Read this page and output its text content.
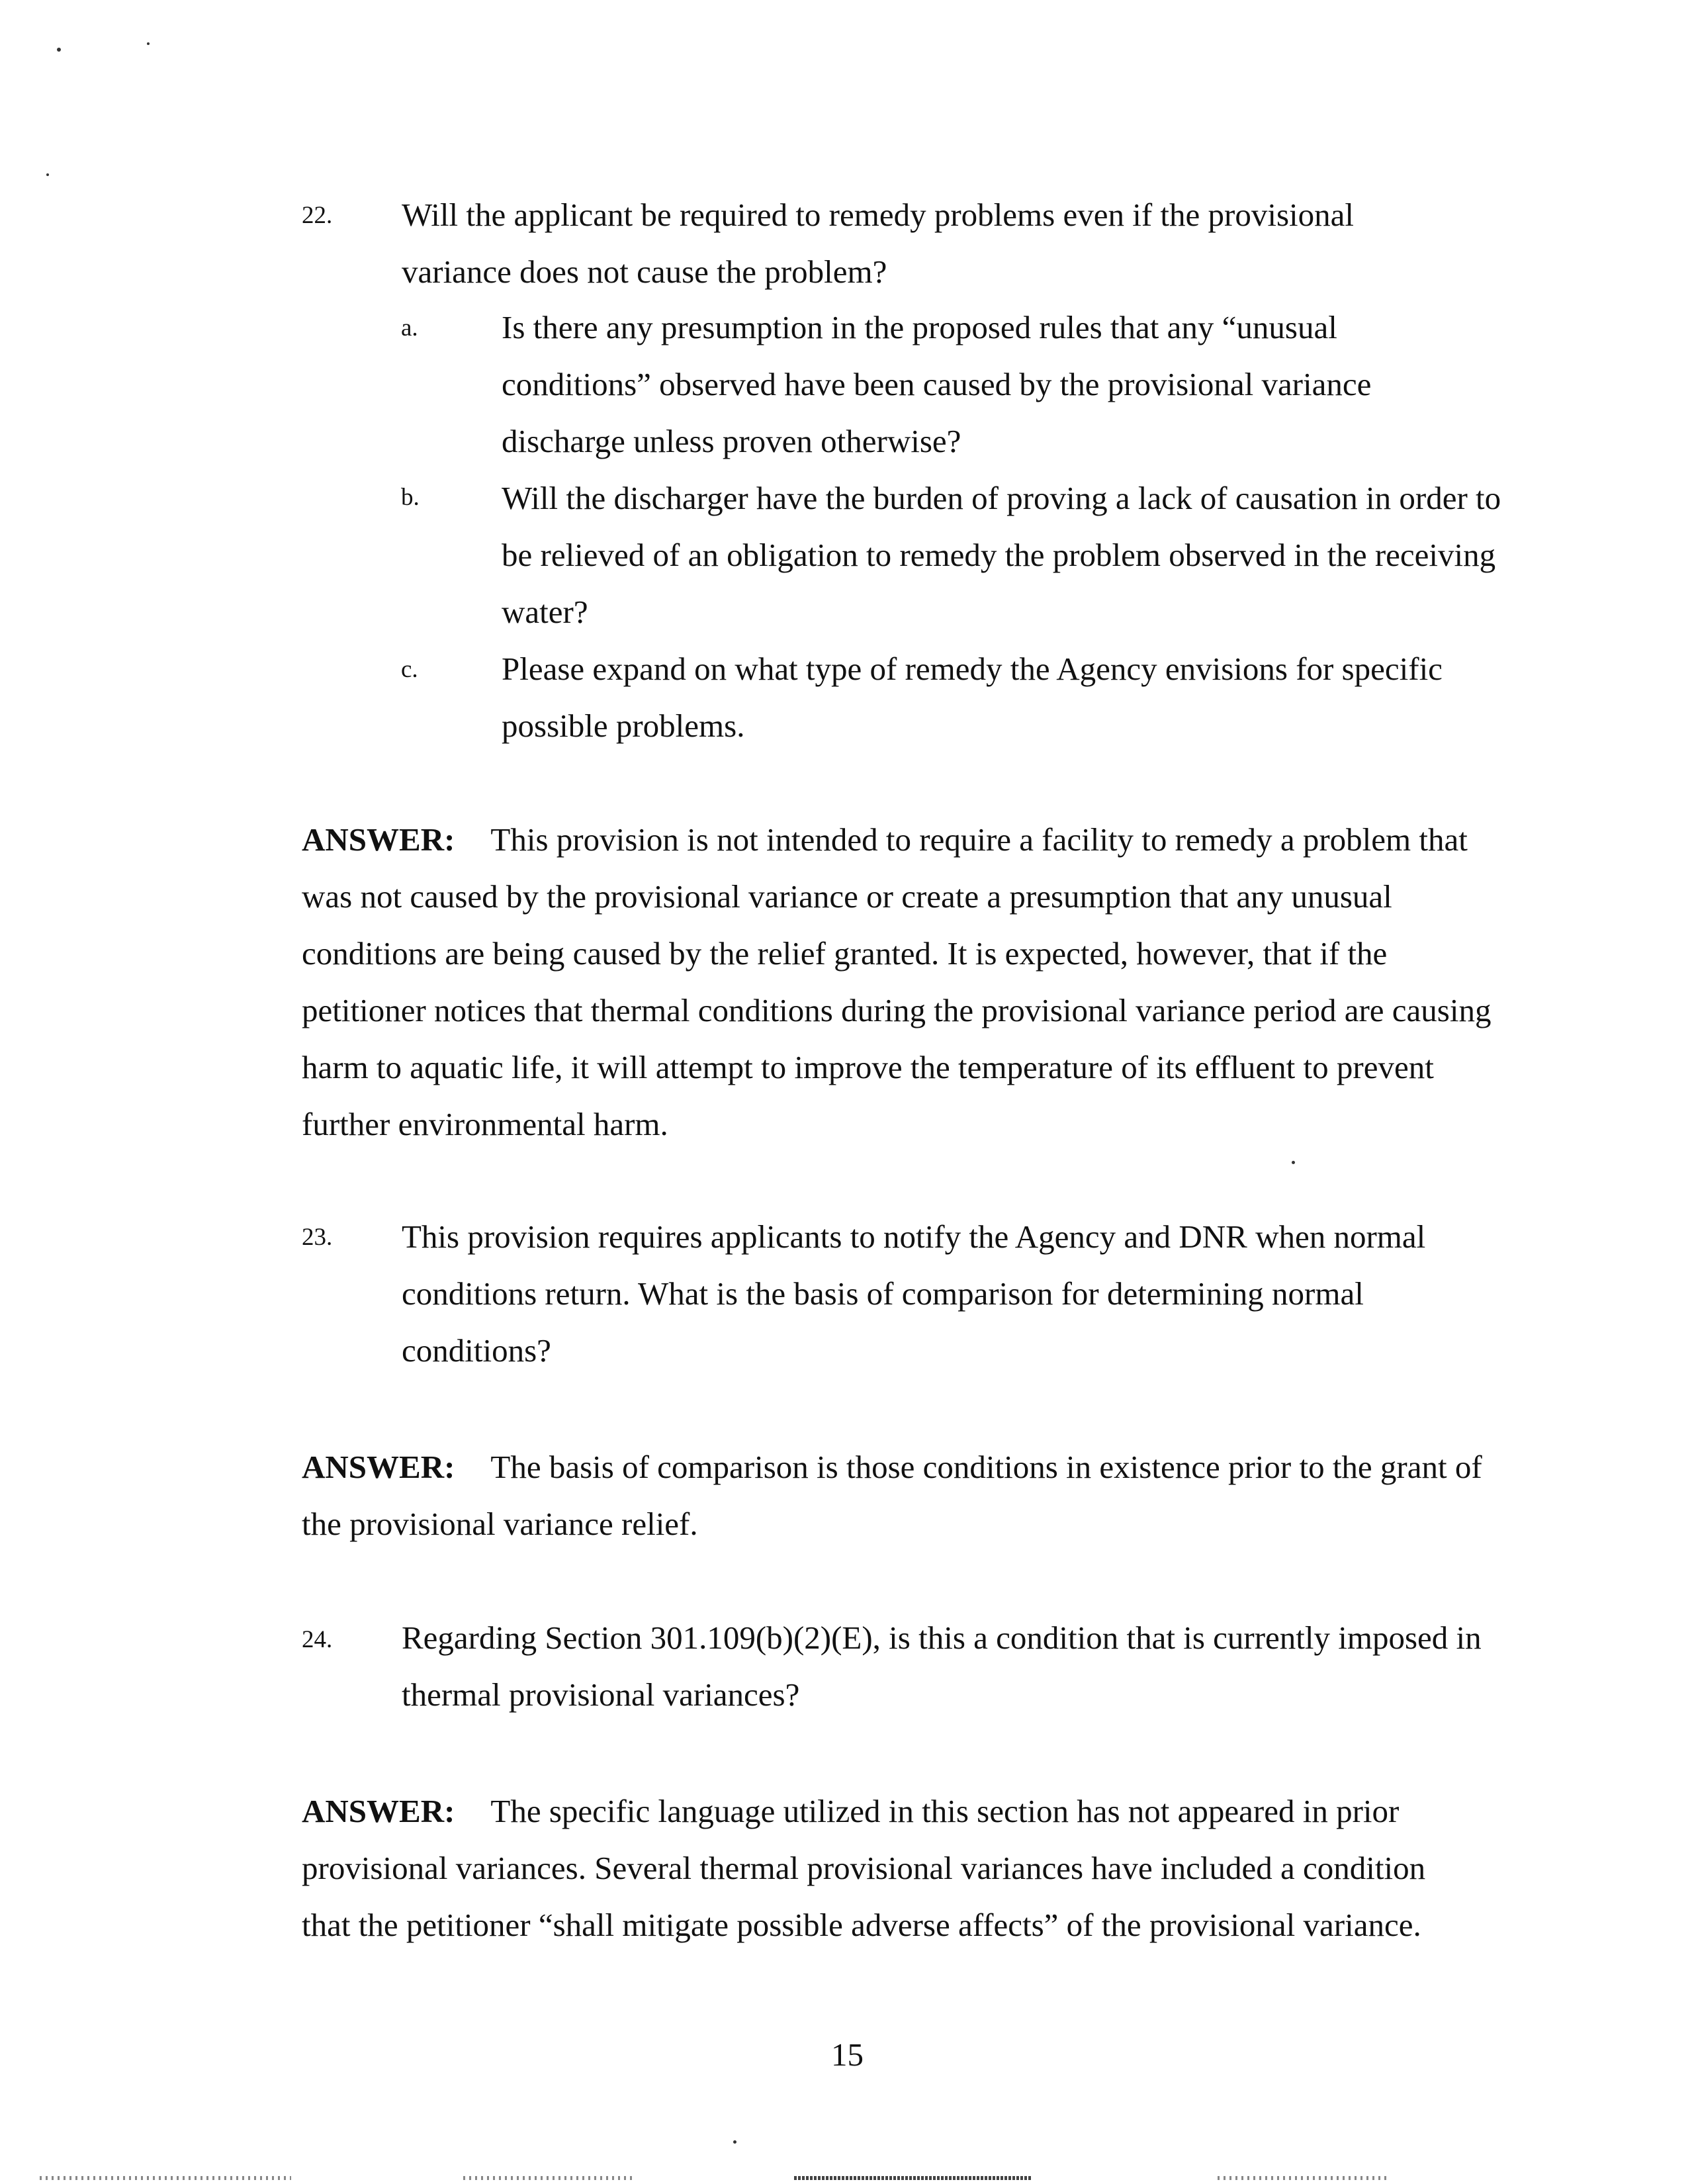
22. Will the applicant be required to remedy problems even if the provisional variance does not cause the problem?
a.	Is there any presumption in the proposed rules that any “unusual conditions” observed have been caused by the provisional variance discharge unless proven otherwise?
b.	Will the discharger have the burden of proving a lack of causation in order to be relieved of an obligation to remedy the problem observed in the receiving water?
c.	Please expand on what type of remedy the Agency envisions for specific possible problems.
ANSWER: This provision is not intended to require a facility to remedy a problem that was not caused by the provisional variance or create a presumption that any unusual conditions are being caused by the relief granted. It is expected, however, that if the petitioner notices that thermal conditions during the provisional variance period are causing harm to aquatic life, it will attempt to improve the temperature of its effluent to prevent further environmental harm.
23. This provision requires applicants to notify the Agency and DNR when normal conditions return. What is the basis of comparison for determining normal conditions?
ANSWER: The basis of comparison is those conditions in existence prior to the grant of the provisional variance relief.
24. Regarding Section 301.109(b)(2)(E), is this a condition that is currently imposed in thermal provisional variances?
ANSWER: The specific language utilized in this section has not appeared in prior provisional variances. Several thermal provisional variances have included a condition that the petitioner “shall mitigate possible adverse affects” of the provisional variance.
15
